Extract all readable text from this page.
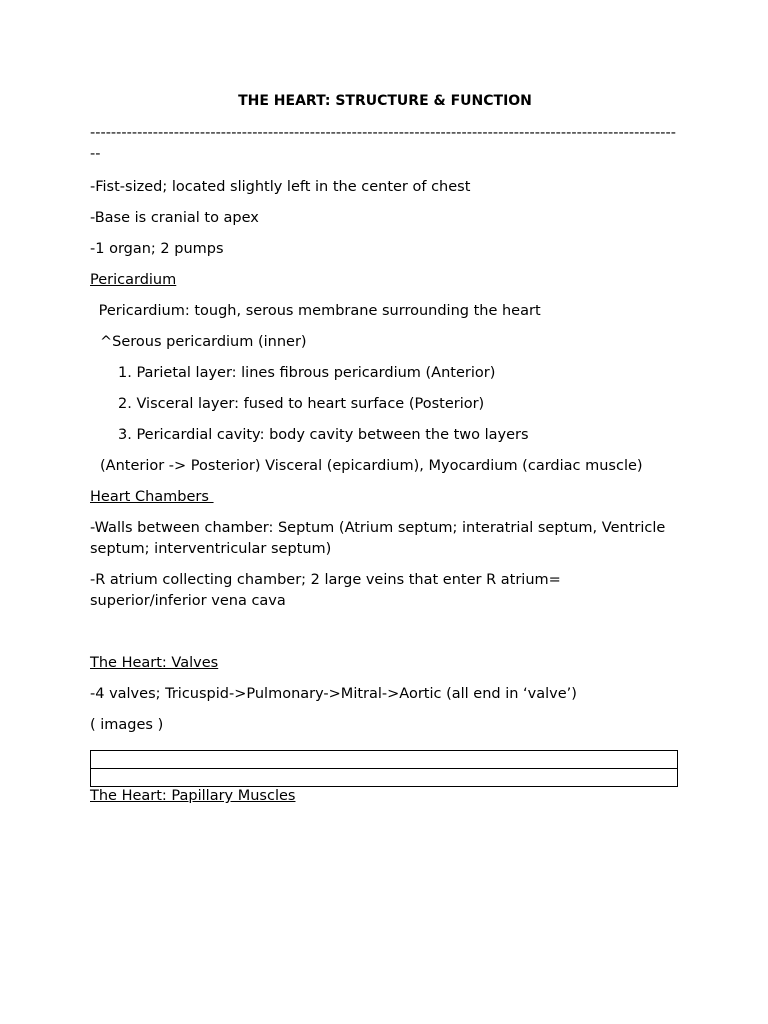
THE HEART: STRUCTURE & FUNCTION
------------------------------------------------------------------------------------------------------------------

-Fist-sized; located slightly left in the center of chest

-Base is cranial to apex

-1 organ; 2 pumps

Pericardium

Pericardium: tough, serous membrane surrounding the heart

^Serous pericardium (inner)

1. Parietal layer: lines fibrous pericardium (Anterior)

2. Visceral layer: fused to heart surface (Posterior)

3. Pericardial cavity: body cavity between the two layers

(Anterior -> Posterior) Visceral (epicardium), Myocardium (cardiac muscle)

Heart Chambers

-Walls between chamber: Septum (Atrium septum; interatrial septum, Ventricle septum; interventricular septum)

-R atrium collecting chamber; 2 large veins that enter R atrium= superior/inferior vena cava

The Heart: Valves

-4 valves; Tricuspid->Pulmonary->Mitral->Aortic (all end in ‘valve’)

( images )

The Heart: Papillary Muscles
